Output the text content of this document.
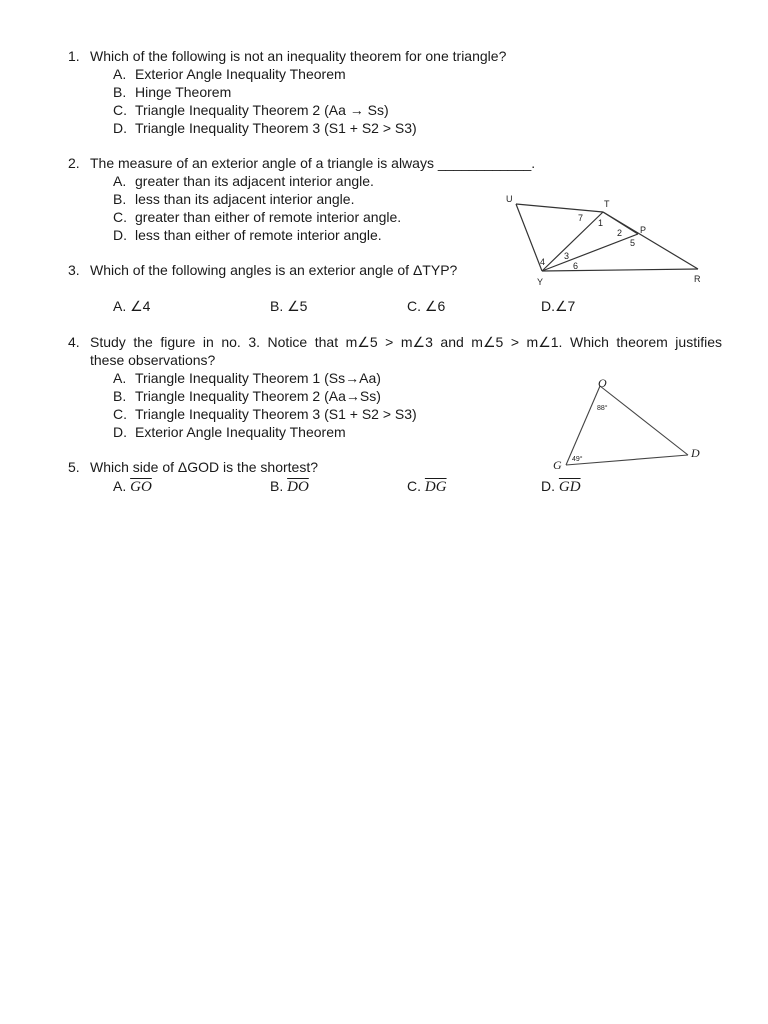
1. Which of the following is not an inequality theorem for one triangle?
A. Exterior Angle Inequality Theorem
B. Hinge Theorem
C. Triangle Inequality Theorem 2 (Aa → Ss)
D. Triangle Inequality Theorem 3 (S1 + S2 > S3)
2. The measure of an exterior angle of a triangle is always ____________.
A. greater than its adjacent interior angle.
B. less than its adjacent interior angle.
C. greater than either of remote interior angle.
D. less than either of remote interior angle.
U	T
P
R
Y
1
2
3
4
5
6
7
3. Which of the following angles is an exterior angle of ΔTYP?
A. ∠4	B. ∠5	C. ∠6	D.∠7
4. Study the figure in no. 3. Notice that m∠5 > m∠3 and m∠5 > m∠1. Which theorem justifies
these observations?
A. Triangle Inequality Theorem 1 (Ss→Aa)
B. Triangle Inequality Theorem 2 (Aa→Ss)
C. Triangle Inequality Theorem 3 (S1 + S2 > S3)
D. Exterior Angle Inequality Theorem
O
G
D
88°
49°
5. Which side of ΔGOD is the shortest?
A. $\overline{GO}$	B. $\overline{DO}$	C. $\overline{DG}$	D. $\overline{GD}$
